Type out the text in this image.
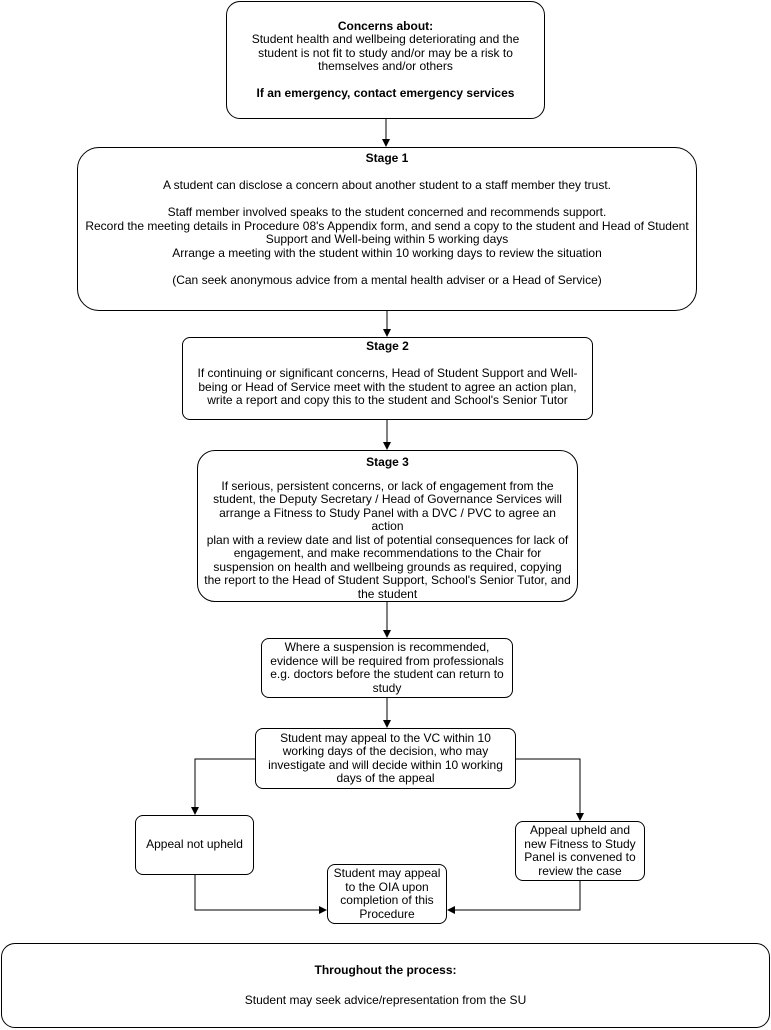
Concerns about:
Student health and wellbeing deteriorating and the
student is not fit to study and/or may be a risk to
themselves and/or others
If an emergency, contact emergency services
Stage 1
A student can disclose a concern about another student to a staff member they trust.
Staff member involved speaks to the student concerned and recommends support.
Record the meeting details in Procedure 08's Appendix form, and send a copy to the student and Head of Student
Support and Well-being within 5 working days
Arrange a meeting with the student within 10 working days to review the situation
(Can seek anonymous advice from a mental health adviser or a Head of Service)
Stage 2
If continuing or significant concerns, Head of Student Support and Well-
being or Head of Service meet with the student to agree an action plan,
write a report and copy this to the student and School's Senior Tutor
Stage 3
If serious, persistent concerns, or lack of engagement from the
student, the Deputy Secretary / Head of Governance Services will
arrange a Fitness to Study Panel with a DVC / PVC to agree an action
plan with a review date and list of potential consequences for lack of
engagement, and make recommendations to the Chair for
suspension on health and wellbeing grounds as required, copying
the report to the Head of Student Support, School's Senior Tutor, and
the student
Where a suspension is recommended,
evidence will be required from professionals
e.g. doctors before the student can return to
study
Student may appeal to the VC within 10
working days of the decision, who may
investigate and will decide within 10 working
days of the appeal
Appeal not upheld
Student may appeal
to the OIA upon
completion of this
Procedure
Appeal upheld and
new Fitness to Study
Panel is convened to
review the case
Throughout the process:
Student may seek advice/representation from the SU
